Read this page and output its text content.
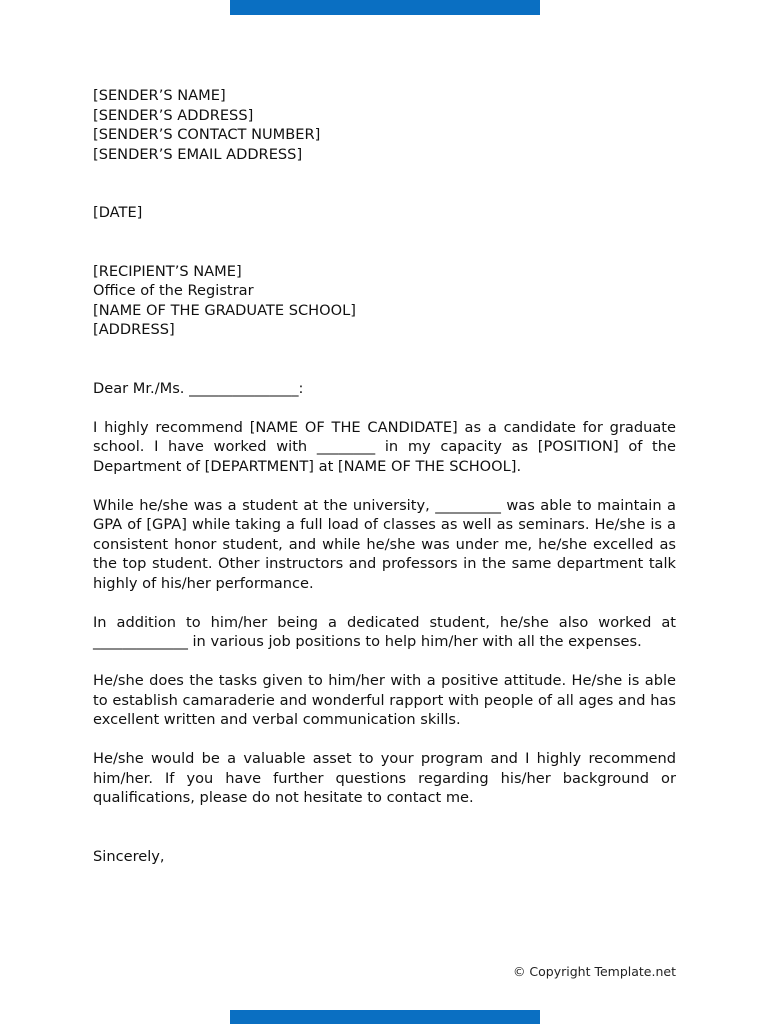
[SENDER’S NAME]
[SENDER’S ADDRESS]
[SENDER’S CONTACT NUMBER]
[SENDER’S EMAIL ADDRESS]
[DATE]
[RECIPIENT’S NAME]
Office of the Registrar
[NAME OF THE GRADUATE SCHOOL]
[ADDRESS]

Dear Mr./Ms. _______________:

I highly recommend [NAME OF THE CANDIDATE] as a candidate for graduate school. I have worked with ________ in my capacity as [POSITION] of the Department of [DEPARTMENT] at [NAME OF THE SCHOOL].

While he/she was a student at the university, _________ was able to maintain a GPA of [GPA] while taking a full load of classes as well as seminars. He/she is a consistent honor student, and while he/she was under me, he/she excelled as the top student. Other instructors and professors in the same department talk highly of his/her performance.

In addition to him/her being a dedicated student, he/she also worked at _____________ in various job positions to help him/her with all the expenses.

He/she does the tasks given to him/her with a positive attitude. He/she is able to establish camaraderie and wonderful rapport with people of all ages and has excellent written and verbal communication skills.

He/she would be a valuable asset to your program and I highly recommend him/her. If you have further questions regarding his/her background or qualifications, please do not hesitate to contact me.

Sincerely,

© Copyright Template.net
